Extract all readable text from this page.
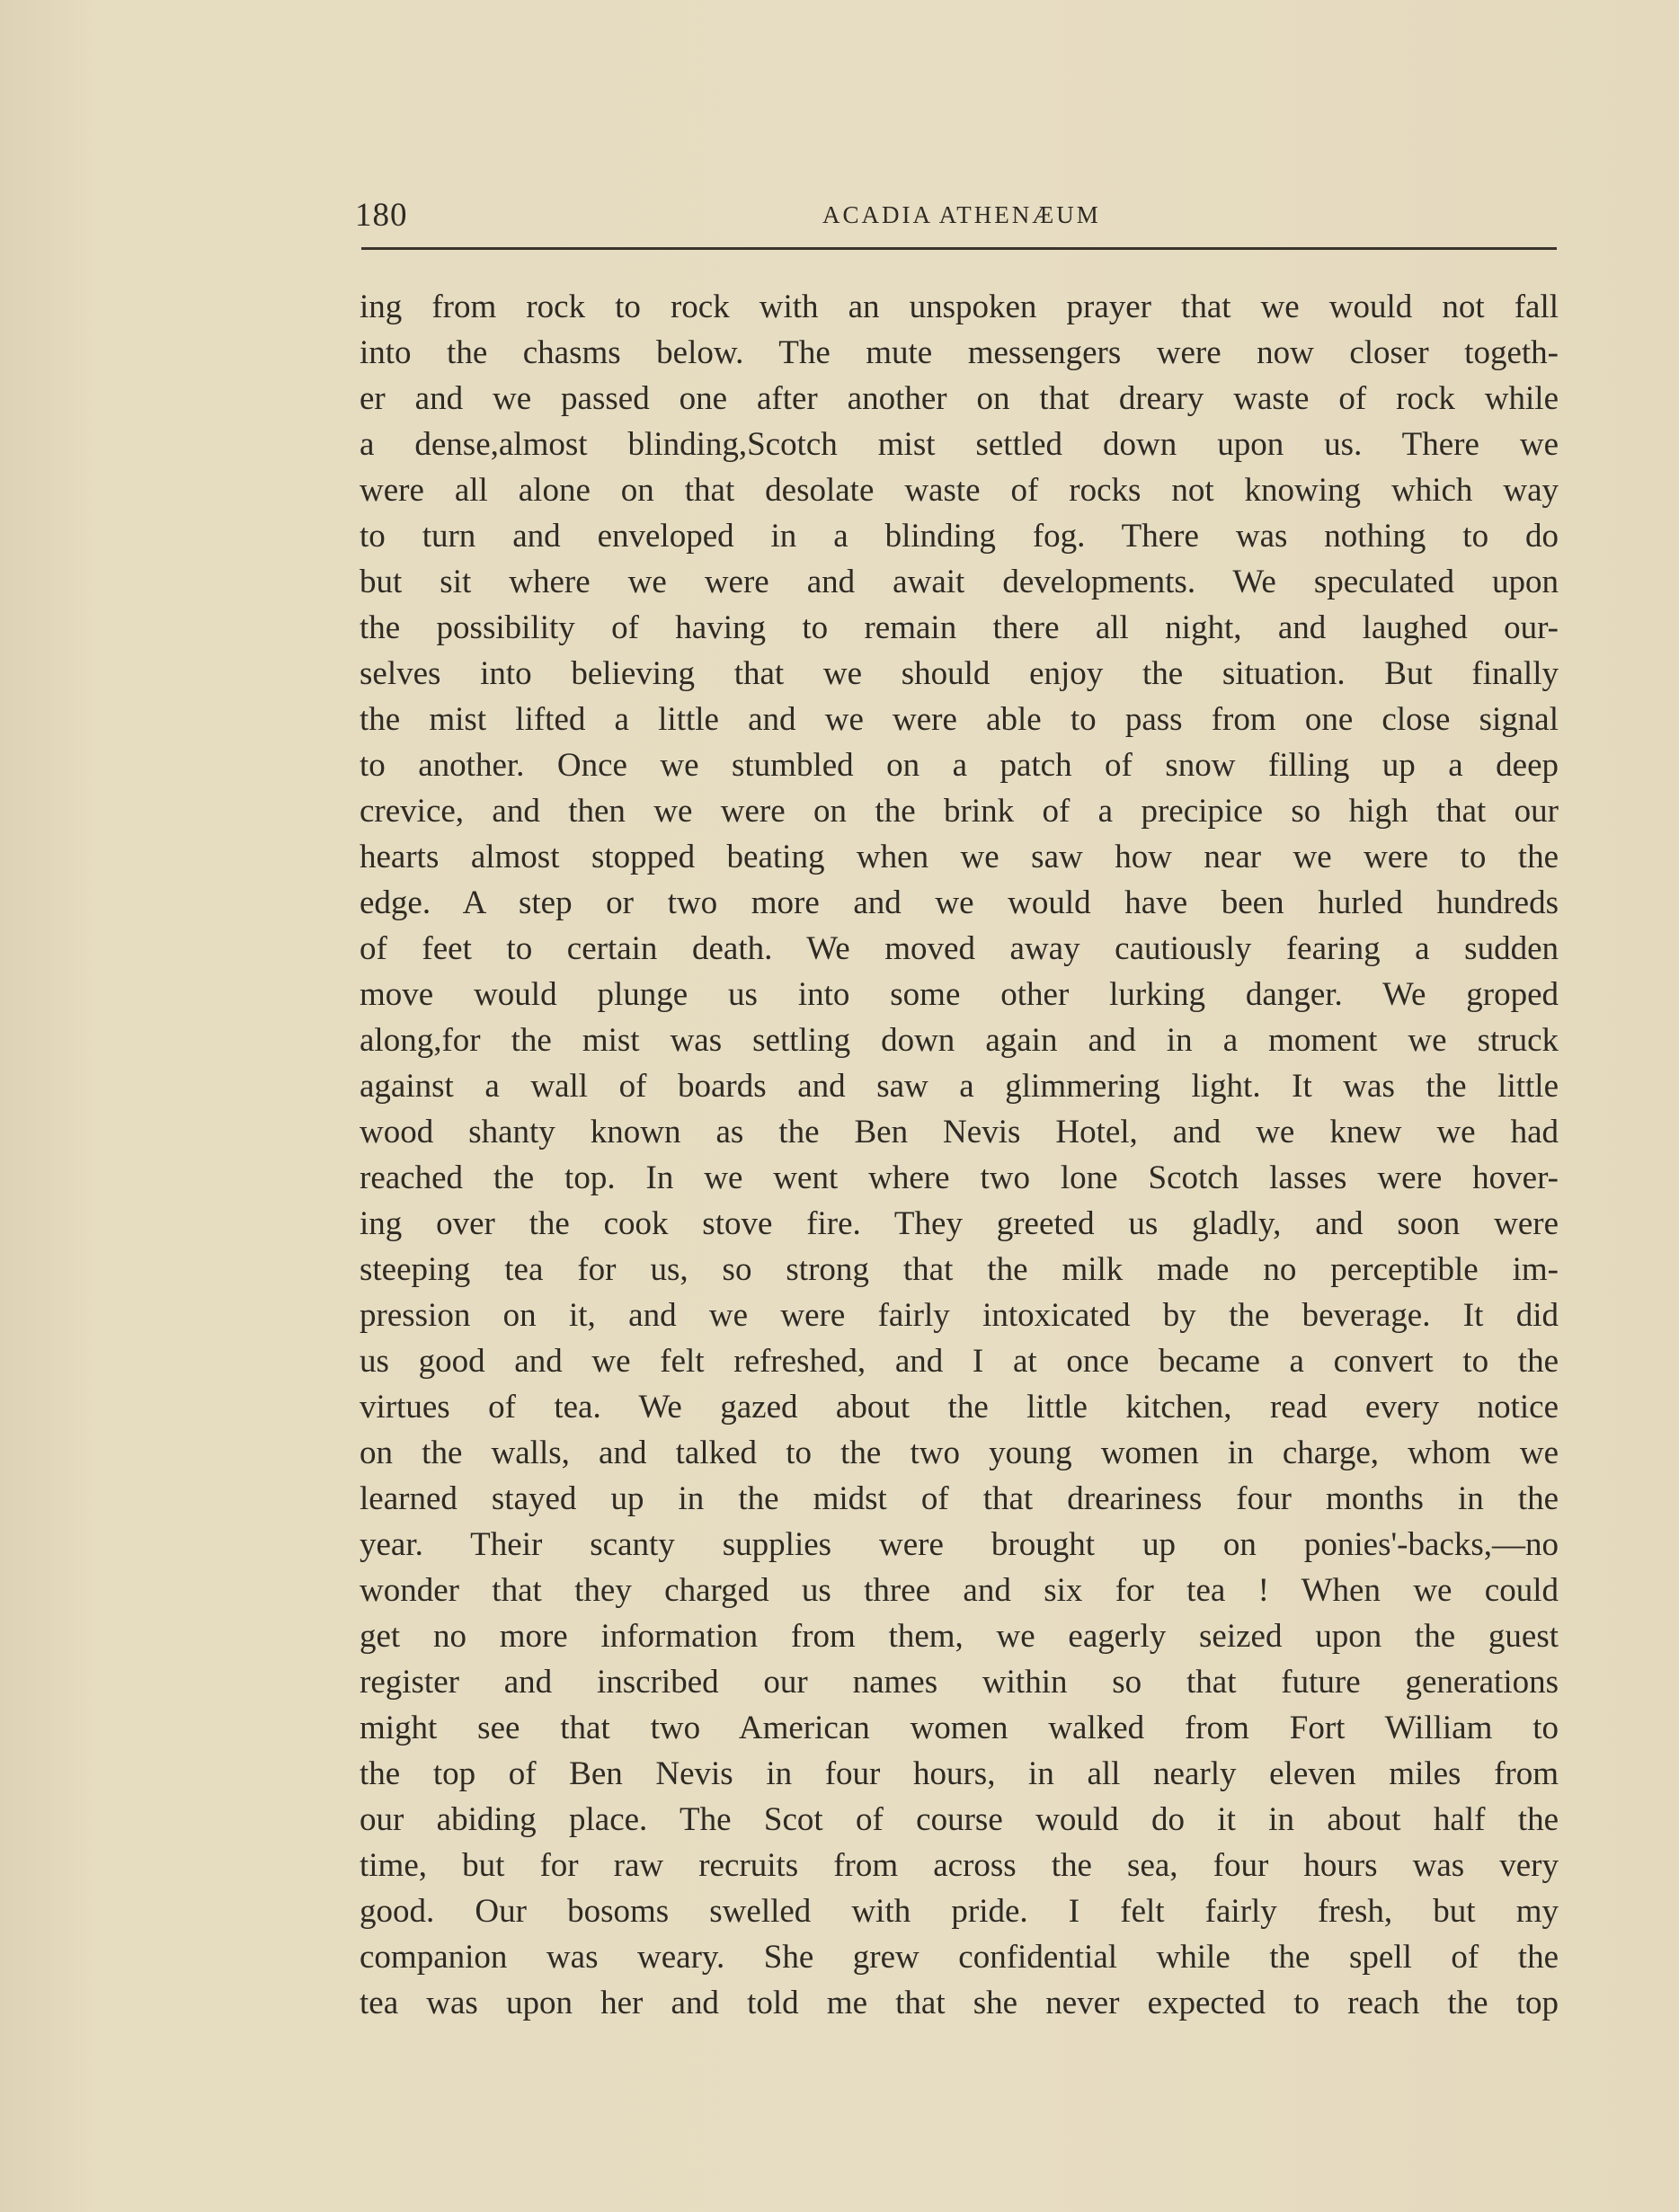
180	ACADIA ATHENÆUM
ing from rock to rock with an unspoken prayer that we would not fall
into the chasms below. The mute messengers were now closer togeth-
er and we passed one after another on that dreary waste of rock while
a dense,almost blinding,Scotch mist settled down upon us. There we
were all alone on that desolate waste of rocks not knowing which way
to turn and enveloped in a blinding fog. There was nothing to do
but sit where we were and await developments. We speculated upon
the possibility of having to remain there all night, and laughed our-
selves into believing that we should enjoy the situation. But finally
the mist lifted a little and we were able to pass from one close signal
to another. Once we stumbled on a patch of snow filling up a deep
crevice, and then we were on the brink of a precipice so high that our
hearts almost stopped beating when we saw how near we were to the
edge. A step or two more and we would have been hurled hundreds
of feet to certain death. We moved away cautiously fearing a sudden
move would plunge us into some other lurking danger. We groped
along,for the mist was settling down again and in a moment we struck
against a wall of boards and saw a glimmering light. It was the little
wood shanty known as the Ben Nevis Hotel, and we knew we had
reached the top. In we went where two lone Scotch lasses were hover-
ing over the cook stove fire. They greeted us gladly, and soon were
steeping tea for us, so strong that the milk made no perceptible im-
pression on it, and we were fairly intoxicated by the beverage. It did
us good and we felt refreshed, and I at once became a convert to the
virtues of tea. We gazed about the little kitchen, read every notice
on the walls, and talked to the two young women in charge, whom we
learned stayed up in the midst of that dreariness four months in the
year. Their scanty supplies were brought up on ponies'-backs,—no
wonder that they charged us three and six for tea ! When we could
get no more information from them, we eagerly seized upon the guest
register and inscribed our names within so that future generations
might see that two American women walked from Fort William to
the top of Ben Nevis in four hours, in all nearly eleven miles from
our abiding place. The Scot of course would do it in about half the
time, but for raw recruits from across the sea, four hours was very
good. Our bosoms swelled with pride. I felt fairly fresh, but my
companion was weary. She grew confidential while the spell of the
tea was upon her and told me that she never expected to reach the top
